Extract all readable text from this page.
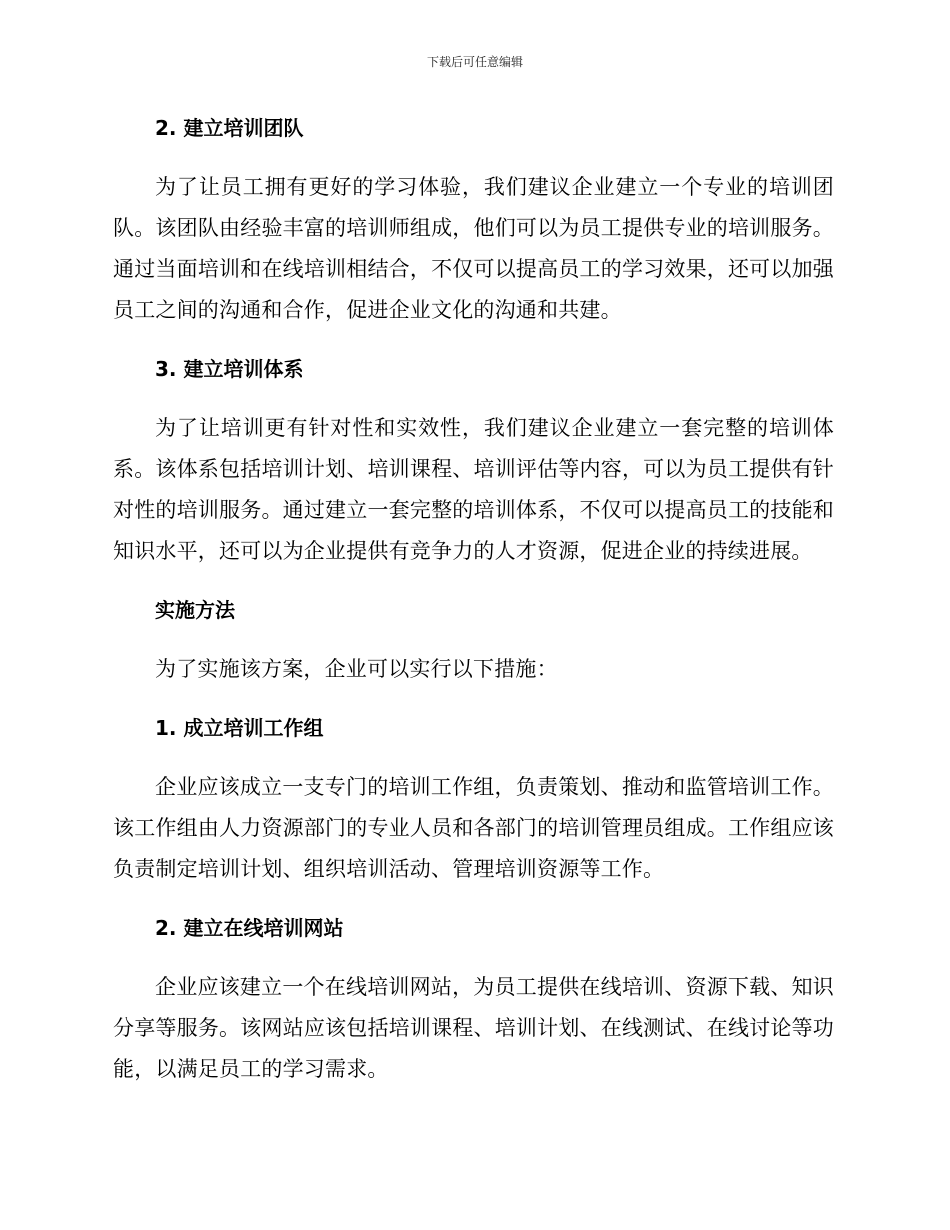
下载后可任意编辑
2. 建立培训团队

为了让员工拥有更好的学习体验，我们建议企业建立一个专业的培训团队。该团队由经验丰富的培训师组成，他们可以为员工提供专业的培训服务。通过当面培训和在线培训相结合，不仅可以提高员工的学习效果，还可以加强员工之间的沟通和合作，促进企业文化的沟通和共建。

3. 建立培训体系

为了让培训更有针对性和实效性，我们建议企业建立一套完整的培训体系。该体系包括培训计划、培训课程、培训评估等内容，可以为员工提供有针对性的培训服务。通过建立一套完整的培训体系，不仅可以提高员工的技能和知识水平，还可以为企业提供有竞争力的人才资源，促进企业的持续进展。

实施方法

为了实施该方案，企业可以实行以下措施：

1. 成立培训工作组

企业应该成立一支专门的培训工作组，负责策划、推动和监管培训工作。该工作组由人力资源部门的专业人员和各部门的培训管理员组成。工作组应该负责制定培训计划、组织培训活动、管理培训资源等工作。

2. 建立在线培训网站

企业应该建立一个在线培训网站，为员工提供在线培训、资源下载、知识分享等服务。该网站应该包括培训课程、培训计划、在线测试、在线讨论等功能，以满足员工的学习需求。
